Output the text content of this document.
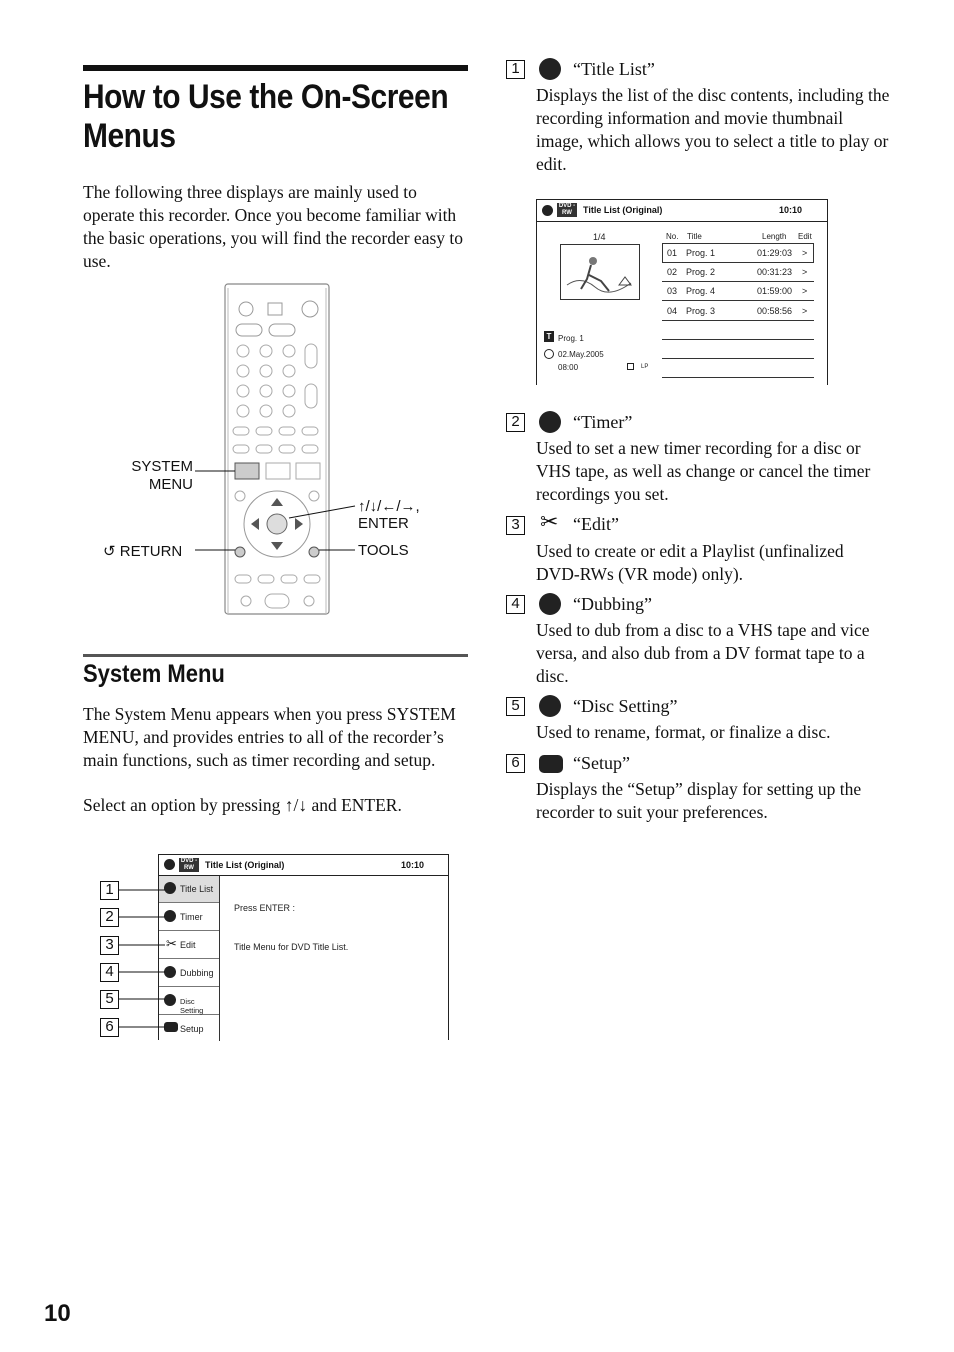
How to Use the On-Screen Menus
The following three displays are mainly used to operate this recorder. Once you become familiar with the basic operations, you will find the recorder easy to use.
SYSTEM MENU
↺ RETURN
↑/↓/←/→,
ENTER
TOOLS
System Menu
The System Menu appears when you press SYSTEM MENU, and provides entries to all of the recorder’s main functions, such as timer recording and setup.
Select an option by pressing ↑/↓ and ENTER.
DVD -RW	Title List (Original)	10:10
Title List
Timer
✂ Edit
Dubbing
Disc Setting
Setup
Press ENTER :
Title Menu for DVD Title List.
1
2
3
4
5
6
1	“Title List”
Displays the list of the disc contents, including the recording information and movie thumbnail image, which allows you to select a title to play or edit.
DVD -RW	Title List (Original)	10:10
1/4	No. Title	Length Edit
01 Prog. 1	01:29:03 >
02 Prog. 2	00:31:23 >
03 Prog. 4	01:59:00 >
04 Prog. 3	00:58:56 >
T Prog. 1
02.May.2005
08:00	LP
2	“Timer”
Used to set a new timer recording for a disc or VHS tape, as well as change or cancel the timer recordings you set.
3 ✂ “Edit”
Used to create or edit a Playlist (unfinalized DVD-RWs (VR mode) only).
4	“Dubbing”
Used to dub from a disc to a VHS tape and vice versa, and also dub from a DV format tape to a disc.
5	“Disc Setting”
Used to rename, format, or finalize a disc.
6	“Setup”
Displays the “Setup” display for setting up the recorder to suit your preferences.
10
